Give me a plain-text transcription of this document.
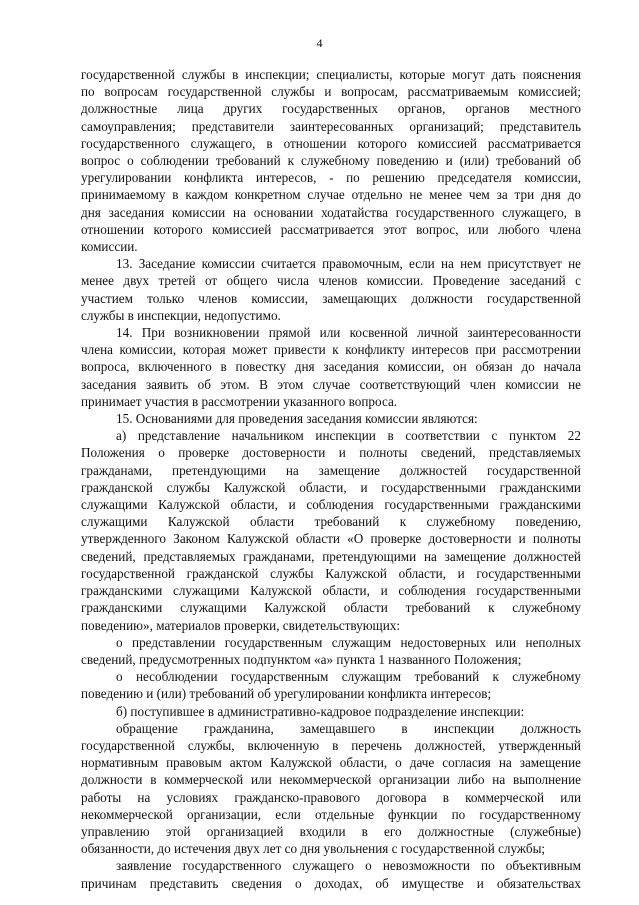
4

государственной службы в инспекции; специалисты, которые могут дать пояснения

по вопросам государственной службы и вопросам, рассматриваемым комиссией;

должностные лица других государственных органов, органов местного

самоуправления; представители заинтересованных организаций; представитель

государственного служащего, в отношении которого комиссией рассматривается

вопрос о соблюдении требований к служебному поведению и (или) требований об

урегулировании конфликта интересов, - по решению председателя комиссии,

принимаемому в каждом конкретном случае отдельно не менее чем за три дня до

дня заседания комиссии на основании ходатайства государственного служащего, в

отношении которого комиссией рассматривается этот вопрос, или любого члена

комиссии.

13. Заседание комиссии считается правомочным, если на нем присутствует не

менее двух третей от общего числа членов комиссии. Проведение заседаний с

участием только членов комиссии, замещающих должности государственной

службы в инспекции, недопустимо.

14. При возникновении прямой или косвенной личной заинтересованности

члена комиссии, которая может привести к конфликту интересов при рассмотрении

вопроса, включенного в повестку дня заседания комиссии, он обязан до начала

заседания заявить об этом. В этом случае соответствующий член комиссии не

принимает участия в рассмотрении указанного вопроса.

15. Основаниями для проведения заседания комиссии являются:

а) представление начальником инспекции в соответствии с пунктом 22

Положения о проверке достоверности и полноты сведений, представляемых

гражданами, претендующими на замещение должностей государственной

гражданской службы Калужской области, и государственными гражданскими

служащими Калужской области, и соблюдения государственными гражданскими

служащими Калужской области требований к служебному поведению,

утвержденного Законом Калужской области «О проверке достоверности и полноты

сведений, представляемых гражданами, претендующими на замещение должностей

государственной гражданской службы Калужской области, и государственными

гражданскими служащими Калужской области, и соблюдения государственными

гражданскими служащими Калужской области требований к служебному

поведению», материалов проверки, свидетельствующих:

о представлении государственным служащим недостоверных или неполных

сведений, предусмотренных подпунктом «а» пункта 1 названного Положения;

о несоблюдении государственным служащим требований к служебному

поведению и (или) требований об урегулировании конфликта интересов;

б) поступившее в административно-кадровое подразделение инспекции:

обращение гражданина, замещавшего в инспекции должность

государственной службы, включенную в перечень должностей, утвержденный

нормативным правовым актом Калужской области, о даче согласия на замещение

должности в коммерческой или некоммерческой организации либо на выполнение

работы на условиях гражданско-правового договора в коммерческой или

некоммерческой организации, если отдельные функции по государственному

управлению этой организацией входили в его должностные (служебные)

обязанности, до истечения двух лет со дня увольнения с государственной службы;

заявление государственного служащего о невозможности по объективным

причинам представить сведения о доходах, об имуществе и обязательствах
